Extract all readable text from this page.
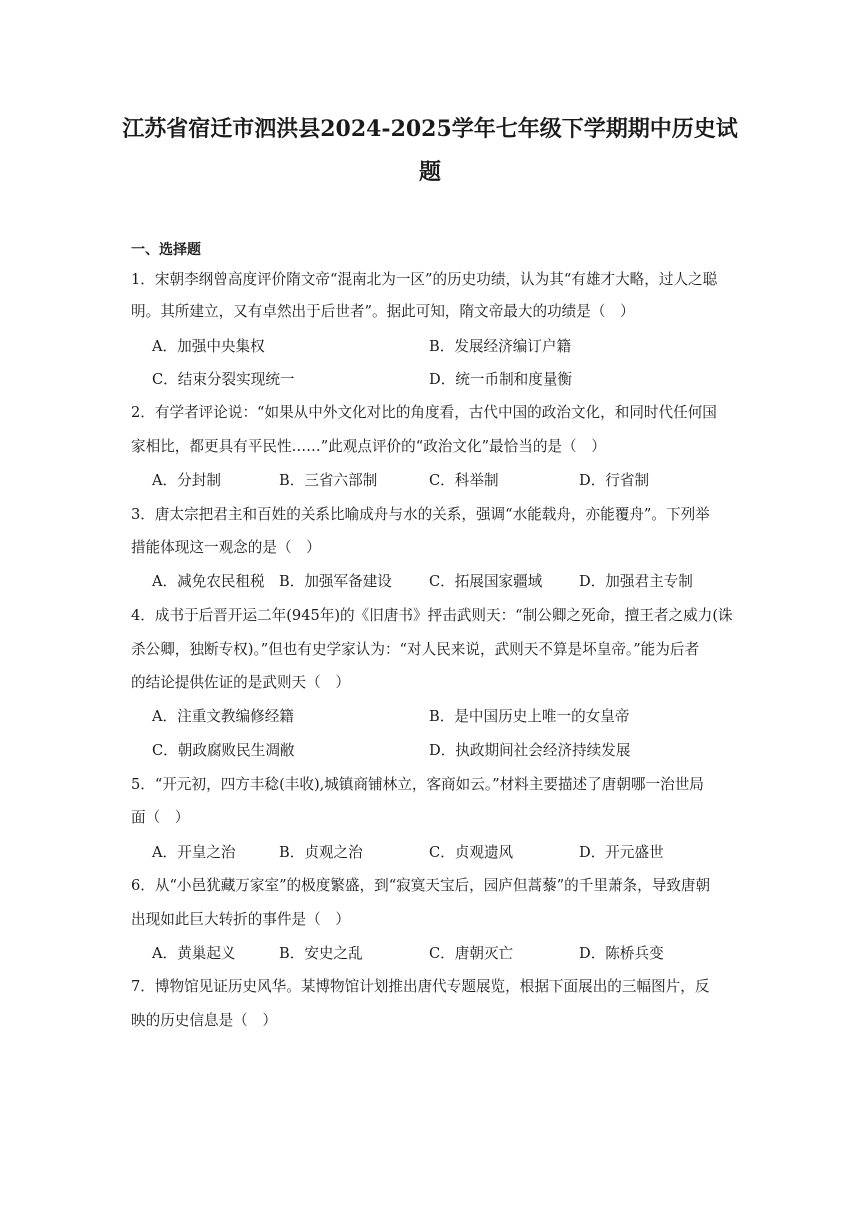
江苏省宿迁市泗洪县2024-2025学年七年级下学期期中历史试
题
一、选择题
1．宋朝李纲曾高度评价隋文帝“混南北为一区”的历史功绩，认为其“有雄才大略，过人之聪
明。其所建立，又有卓然出于后世者”。据此可知，隋文帝最大的功绩是（　）
A．加强中央集权	B．发展经济编订户籍
C．结束分裂实现统一	D．统一币制和度量衡
2．有学者评论说：“如果从中外文化对比的角度看，古代中国的政治文化，和同时代任何国
家相比，都更具有平民性……”此观点评价的“政治文化”最恰当的是（　）
A．分封制	B．三省六部制	C．科举制	D．行省制
3．唐太宗把君主和百姓的关系比喻成舟与水的关系，强调“水能载舟，亦能覆舟”。下列举
措能体现这一观念的是（　）
A．减免农民租税 B．加强军备建设	C．拓展国家疆域	D．加强君主专制
4．成书于后晋开运二年(945年)的《旧唐书》抨击武则天：“制公卿之死命，擅王者之威力(诛
杀公卿，独断专权)。”但也有史学家认为：“对人民来说，武则天不算是坏皇帝。”能为后者
的结论提供佐证的是武则天（　）
A．注重文教编修经籍	B．是中国历史上唯一的女皇帝
C．朝政腐败民生凋敝	D．执政期间社会经济持续发展
5．“开元初，四方丰稔(丰收),城镇商铺林立，客商如云。”材料主要描述了唐朝哪一治世局
面（　）
A．开皇之治	B．贞观之治	C．贞观遗风	D．开元盛世
6．从“小邑犹藏万家室”的极度繁盛，到“寂寞天宝后，园庐但蒿藜”的千里萧条，导致唐朝
出现如此巨大转折的事件是（　）
A．黄巢起义	B．安史之乱	C．唐朝灭亡	D．陈桥兵变
7．博物馆见证历史风华。某博物馆计划推出唐代专题展览，根据下面展出的三幅图片，反
映的历史信息是（　）
